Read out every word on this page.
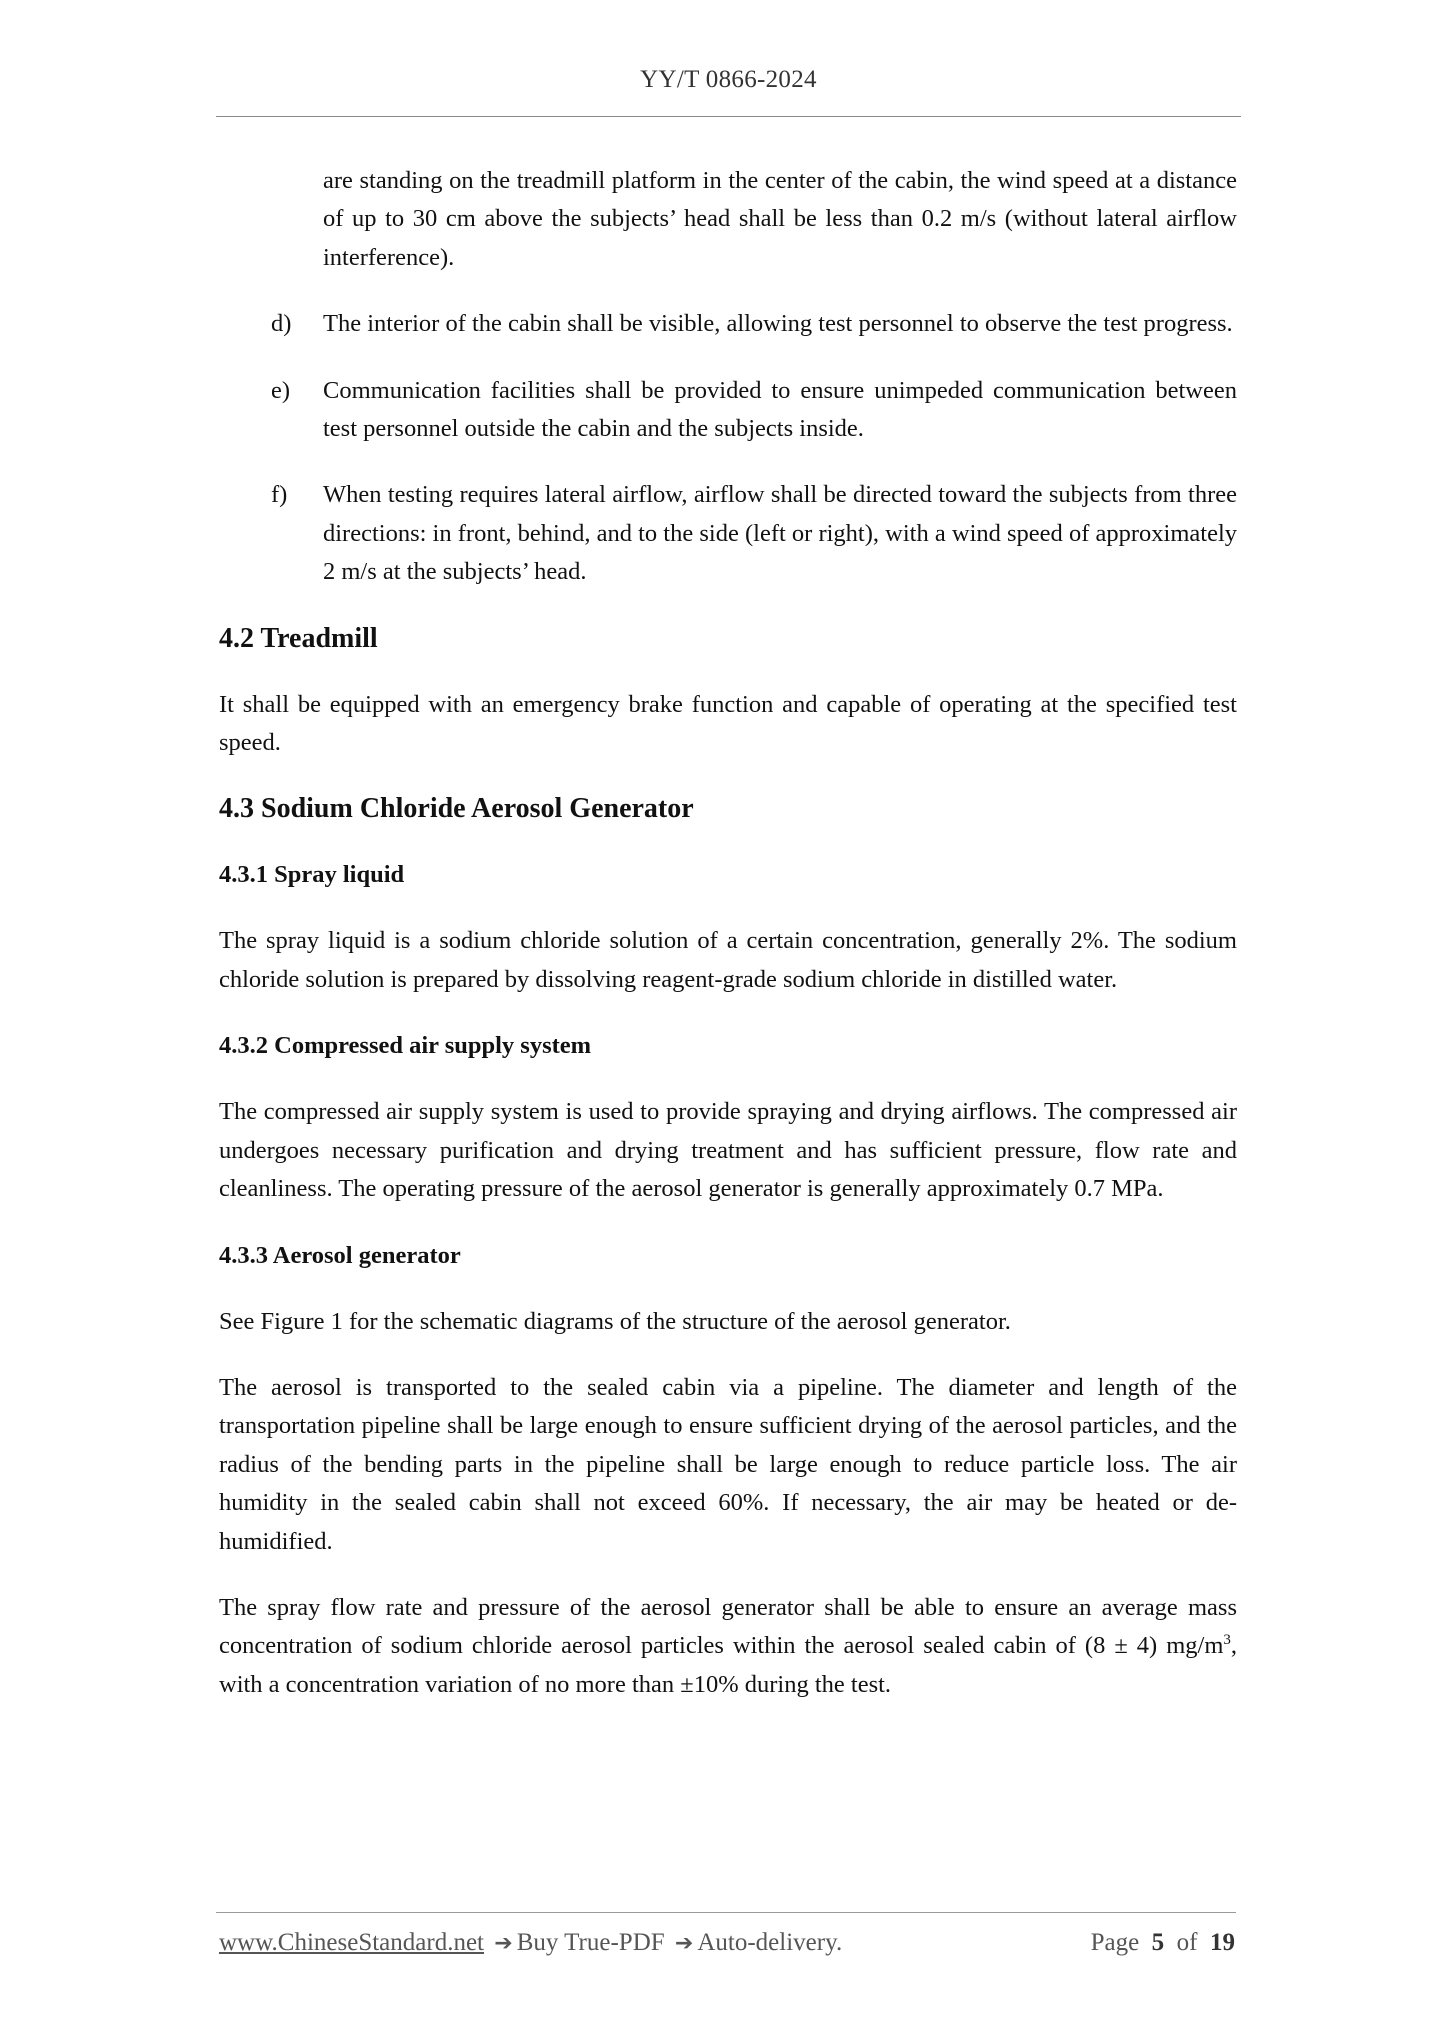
YY/T 0866-2024

are standing on the treadmill platform in the center of the cabin, the wind speed at a distance of up to 30 cm above the subjects’ head shall be less than 0.2 m/s (without lateral airflow interference).

d) The interior of the cabin shall be visible, allowing test personnel to observe the test progress.

e) Communication facilities shall be provided to ensure unimpeded communication between test personnel outside the cabin and the subjects inside.

f) When testing requires lateral airflow, airflow shall be directed toward the subjects from three directions: in front, behind, and to the side (left or right), with a wind speed of approximately 2 m/s at the subjects’ head.

4.2 Treadmill

It shall be equipped with an emergency brake function and capable of operating at the specified test speed.

4.3 Sodium Chloride Aerosol Generator
4.3.1 Spray liquid

The spray liquid is a sodium chloride solution of a certain concentration, generally 2%. The sodium chloride solution is prepared by dissolving reagent-grade sodium chloride in distilled water.

4.3.2 Compressed air supply system

The compressed air supply system is used to provide spraying and drying airflows. The compressed air undergoes necessary purification and drying treatment and has sufficient pressure, flow rate and cleanliness. The operating pressure of the aerosol generator is generally approximately 0.7 MPa.

4.3.3 Aerosol generator

See Figure 1 for the schematic diagrams of the structure of the aerosol generator.

The aerosol is transported to the sealed cabin via a pipeline. The diameter and length of the transportation pipeline shall be large enough to ensure sufficient drying of the aerosol particles, and the radius of the bending parts in the pipeline shall be large enough to reduce particle loss. The air humidity in the sealed cabin shall not exceed 60%. If necessary, the air may be heated or de-humidified.

The spray flow rate and pressure of the aerosol generator shall be able to ensure an average mass concentration of sodium chloride aerosol particles within the aerosol sealed cabin of (8 ± 4) $mg/m^3$, with a concentration variation of no more than ±10% during the test.

www.ChineseStandard.net ➔ Buy True-PDF ➔ Auto-delivery.	Page 5 of 19
